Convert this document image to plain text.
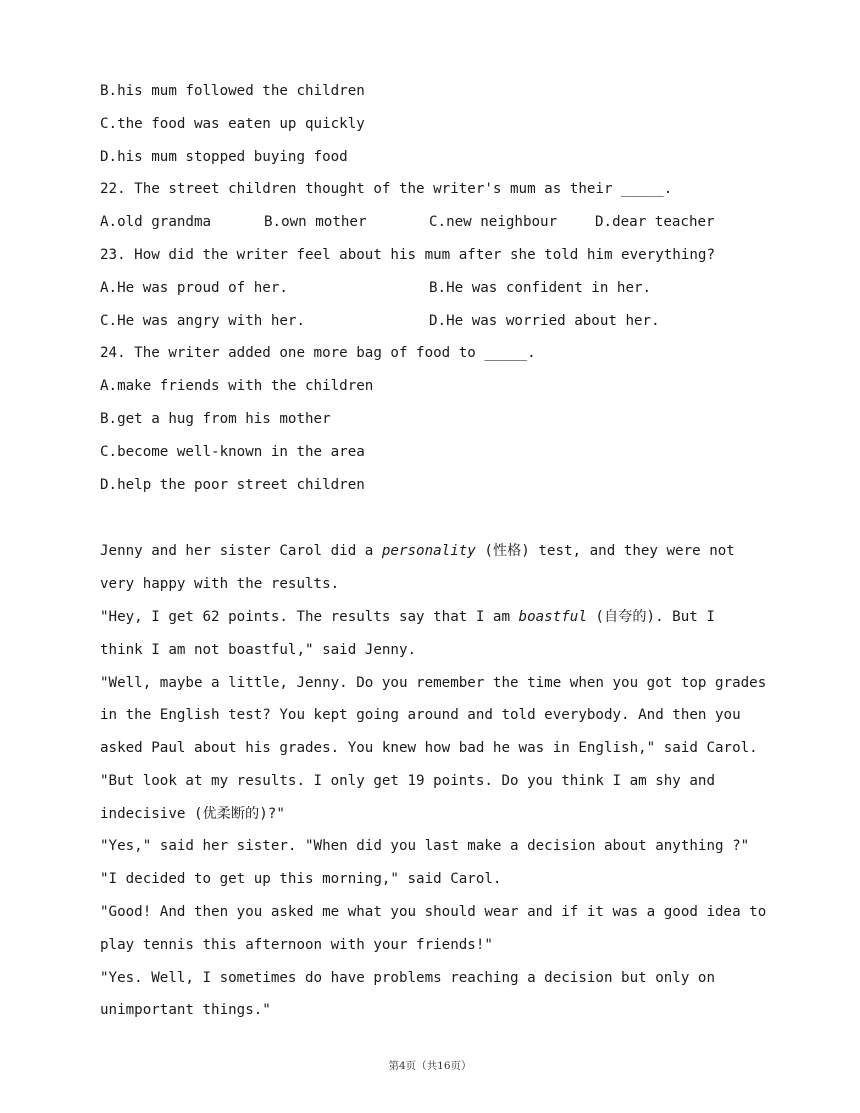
B.his mum followed the children
C.the food was eaten up quickly
D.his mum stopped buying food
22. The street children thought of the writer's mum as their _____.
A.old grandma	B.own mother	C.new neighbour	D.dear teacher
23. How did the writer feel about his mum after she told him everything?
A.He was proud of her.	B.He was confident in her.
C.He was angry with her.	D.He was worried about her.
24. The writer added one more bag of food to _____.
A.make friends with the children
B.get a hug from his mother
C.become well-known in the area
D.help the poor street children
Jenny and her sister Carol did a personality (性格) test, and they were not
very happy with the results.
"Hey, I get 62 points. The results say that I am boastful (自夸的). But I
think I am not boastful," said Jenny.
"Well, maybe a little, Jenny. Do you remember the time when you got top grades
in the English test? You kept going around and told everybody. And then you
asked Paul about his grades. You knew how bad he was in English," said Carol.
"But look at my results. I only get 19 points. Do you think I am shy and
indecisive (优柔断的)?"
"Yes," said her sister. "When did you last make a decision about anything ?"
"I decided to get up this morning," said Carol.
"Good! And then you asked me what you should wear and if it was a good idea to
play tennis this afternoon with your friends!"
"Yes. Well, I sometimes do have problems reaching a decision but only on
unimportant things."
第4页（共16页）
